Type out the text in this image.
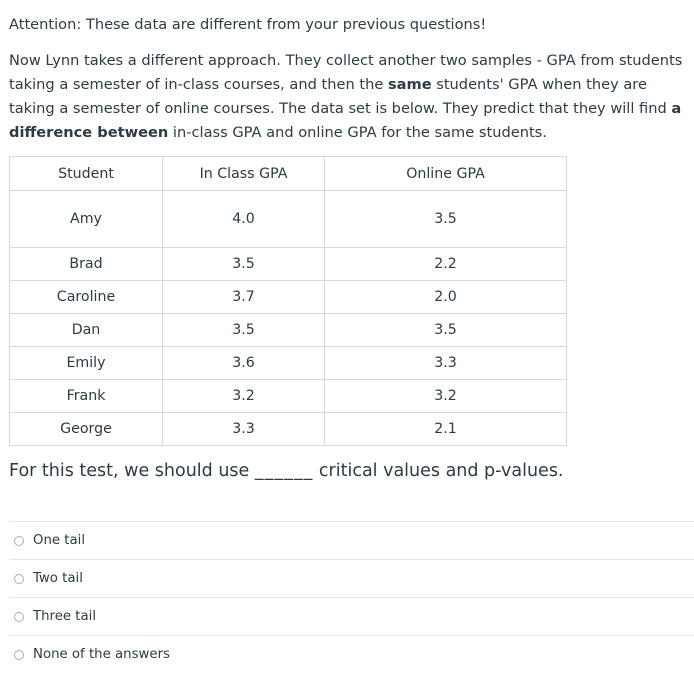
Attention: These data are different from your previous questions!

Now Lynn takes a different approach. They collect another two samples - GPA from students taking a semester of in-class courses, and then the same students' GPA when they are taking a semester of online courses. The data set is below. They predict that they will find a difference between in-class GPA and online GPA for the same students.

Student	In Class GPA	Online GPA
Amy	4.0	3.5
Brad	3.5	2.2
Caroline	3.7	2.0
Dan	3.5	3.5
Emily	3.6	3.3
Frank	3.2	3.2
George	3.3	2.1

For this test, we should use ______ critical values and p-values.

One tail
Two tail
Three tail
None of the answers
